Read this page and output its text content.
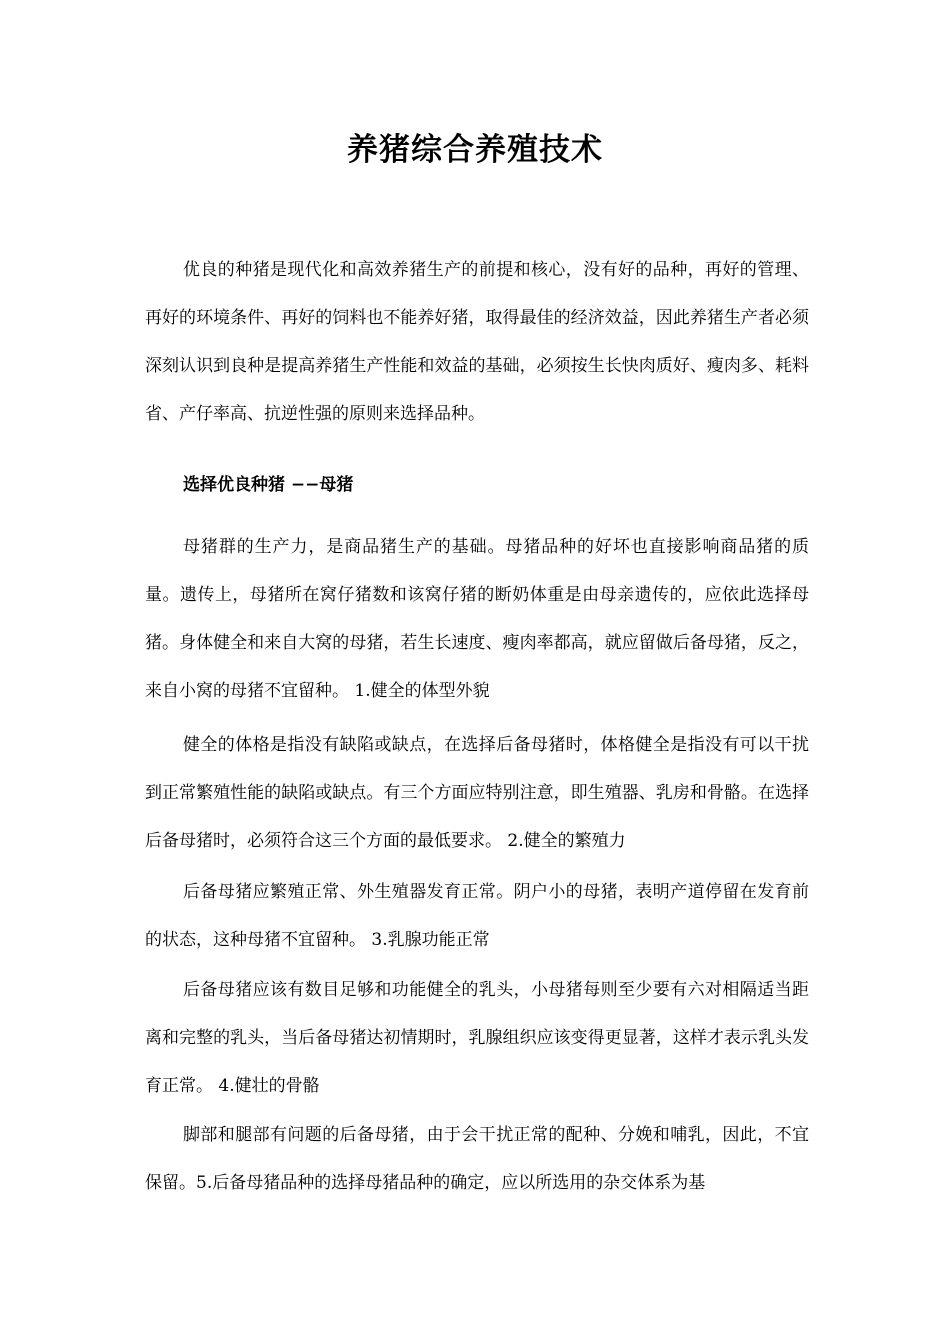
养猪综合养殖技术

优良的种猪是现代化和高效养猪生产的前提和核心，没有好的品种，再好的管理、再好的环境条件、再好的饲料也不能养好猪，取得最佳的经济效益，因此养猪生产者必须深刻认识到良种是提高养猪生产性能和效益的基础，必须按生长快肉质好、瘦肉多、耗料省、产仔率高、抗逆性强的原则来选择品种。

选择优良种猪 −−母猪

母猪群的生产力，是商品猪生产的基础。母猪品种的好坏也直接影响商品猪的质量。遗传上，母猪所在窝仔猪数和该窝仔猪的断奶体重是由母亲遗传的，应依此选择母猪。身体健全和来自大窝的母猪，若生长速度、瘦肉率都高，就应留做后备母猪，反之，来自小窝的母猪不宜留种。 1.健全的体型外貌

健全的体格是指没有缺陷或缺点，在选择后备母猪时，体格健全是指没有可以干扰到正常繁殖性能的缺陷或缺点。有三个方面应特别注意，即生殖器、乳房和骨骼。在选择后备母猪时，必须符合这三个方面的最低要求。 2.健全的繁殖力

后备母猪应繁殖正常、外生殖器发育正常。阴户小的母猪，表明产道停留在发育前的状态，这种母猪不宜留种。 3.乳腺功能正常

后备母猪应该有数目足够和功能健全的乳头，小母猪每则至少要有六对相隔适当距离和完整的乳头，当后备母猪达初情期时，乳腺组织应该变得更显著，这样才表示乳头发育正常。 4.健壮的骨骼

脚部和腿部有问题的后备母猪，由于会干扰正常的配种、分娩和哺乳，因此，不宜保留。5.后备母猪品种的选择母猪品种的确定，应以所选用的杂交体系为基
